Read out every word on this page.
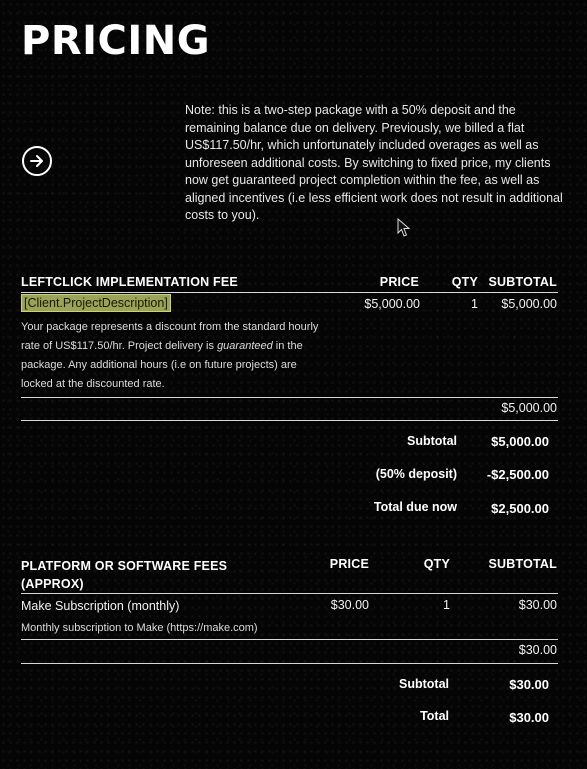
PRICING
Note: this is a two-step package with a 50% deposit and the remaining balance due on delivery. Previously, we billed a flat US$117.50/hr, which unfortunately included overages as well as unforeseen additional costs. By switching to fixed price, my clients now get guaranteed project completion within the fee, as well as aligned incentives (i.e less efficient work does not result in additional costs to you).
LEFTCLICK IMPLEMENTATION FEE	PRICE	QTY SUBTOTAL
[Client.ProjectDescription]	$5,000.00	1	$5,000.00
Your package represents a discount from the standard hourly rate of US$117.50/hr. Project delivery is guaranteed in the package. Any additional hours (i.e on future projects) are locked at the discounted rate.
$5,000.00
Subtotal	$5,000.00
(50% deposit)	-$2,500.00
Total due now	$2,500.00
PLATFORM OR SOFTWARE FEES
(APPROX)
PRICE	QTY	SUBTOTAL
Make Subscription (monthly)	$30.00	1	$30.00
Monthly subscription to Make (https://make.com)
$30.00
Subtotal	$30.00
Total	$30.00
